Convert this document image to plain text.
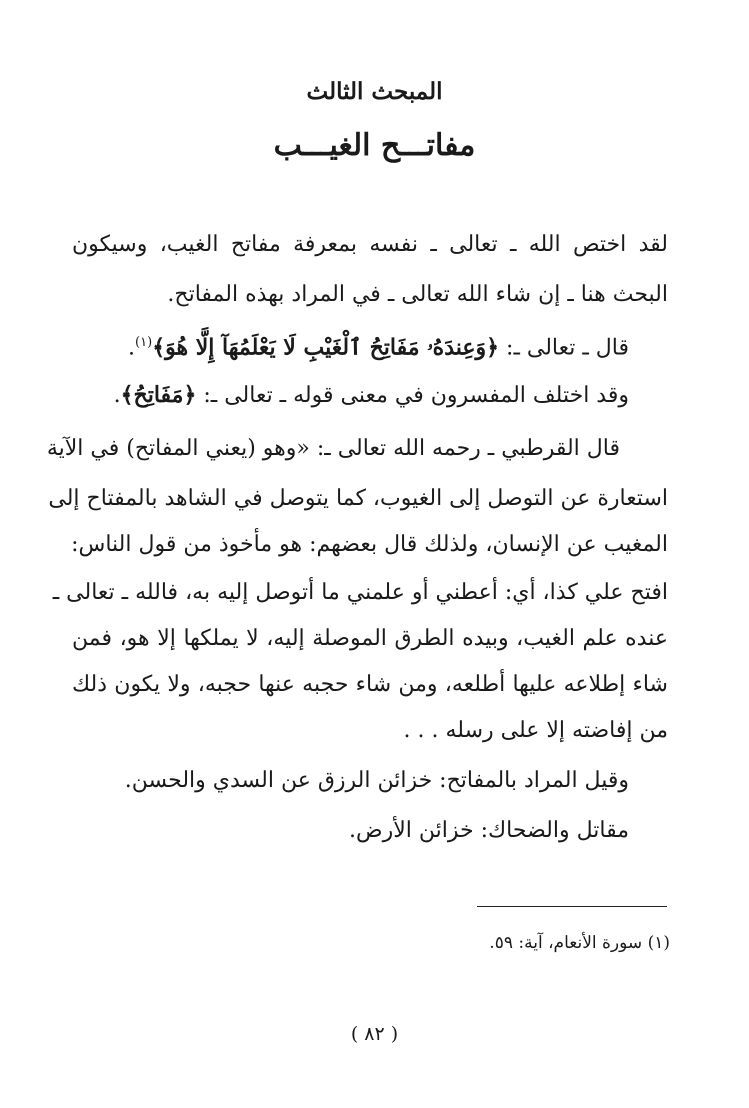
المبحث الثالث
مفاتـــح الغيـــب
لقد اختص الله ـ تعالى ـ نفسه بمعرفة مفاتح الغيب، وسيكون
البحث هنا ـ إن شاء الله تعالى ـ في المراد بهذه المفاتح.
قال ـ تعالى ـ: ﴿وَعِندَهُۥ مَفَاتِحُ ٱلْغَيْبِ لَا يَعْلَمُهَآ إِلَّا هُوَ﴾$^{(١)}$.
وقد اختلف المفسرون في معنى قوله ـ تعالى ـ: ﴿مَفَاتِحُ﴾.
قال القرطبي ـ رحمه الله تعالى ـ: «وهو (يعني المفاتح) في الآية
استعارة عن التوصل إلى الغيوب، كما يتوصل في الشاهد بالمفتاح إلى
المغيب عن الإنسان، ولذلك قال بعضهم: هو مأخوذ من قول الناس:
افتح علي كذا، أي: أعطني أو علمني ما أتوصل إليه به، فالله ـ تعالى ـ
عنده علم الغيب، وبيده الطرق الموصلة إليه، لا يملكها إلا هو، فمن
شاء إطلاعه عليها أطلعه، ومن شاء حجبه عنها حجبه، ولا يكون ذلك
من إفاضته إلا على رسله . . .
وقيل المراد بالمفاتح: خزائن الرزق عن السدي والحسن.
مقاتل والضحاك: خزائن الأرض.
(١) سورة الأنعام، آية: ٥٩.
( ٨٢ )
